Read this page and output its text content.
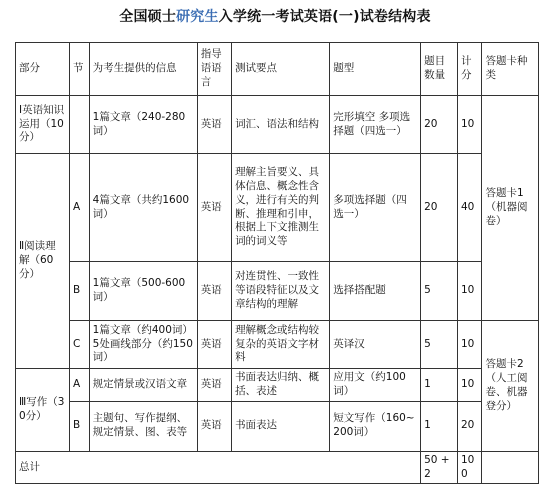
全国硕士研究生入学统一考试英语(一)试卷结构表
部分	节	为考生提供的信息	指导语语言	测试要点	题型	题目数量	计分	答题卡种类
Ⅰ英语知识运用（10分）		1篇文章（240-280词）	英语	词汇、语法和结构	完形填空 多项选择题（四选一）	20	10	答题卡1（机器阅卷）
Ⅱ阅读理解（60分）	A	4篇文章（共约1600词）	英语	理解主旨要义、具体信息、概念性含义，进行有关的判断、推理和引申，根据上下文推测生词的词义等	多项选择题（四选一）	20	40	
	B	1篇文章（500-600词）	英语	对连贯性、一致性等语段特征以及文章结构的理解	选择搭配题	5	10	
	C	1篇文章（约400词）5处画线部分（约150词）	英语	理解概念或结构较复杂的英语文字材料	英译汉	5	10	答题卡2（人工阅卷、机器登分）
Ⅲ写作（30分）	A	规定情景或汉语文章	英语	书面表达归纳、概括、表述	应用文（约100词）	1	10	
	B	主题句、写作提纲、规定情景、图、表等	英语	书面表达	短文写作（160~200词）	1	20	
总计						50 + 2	100	
